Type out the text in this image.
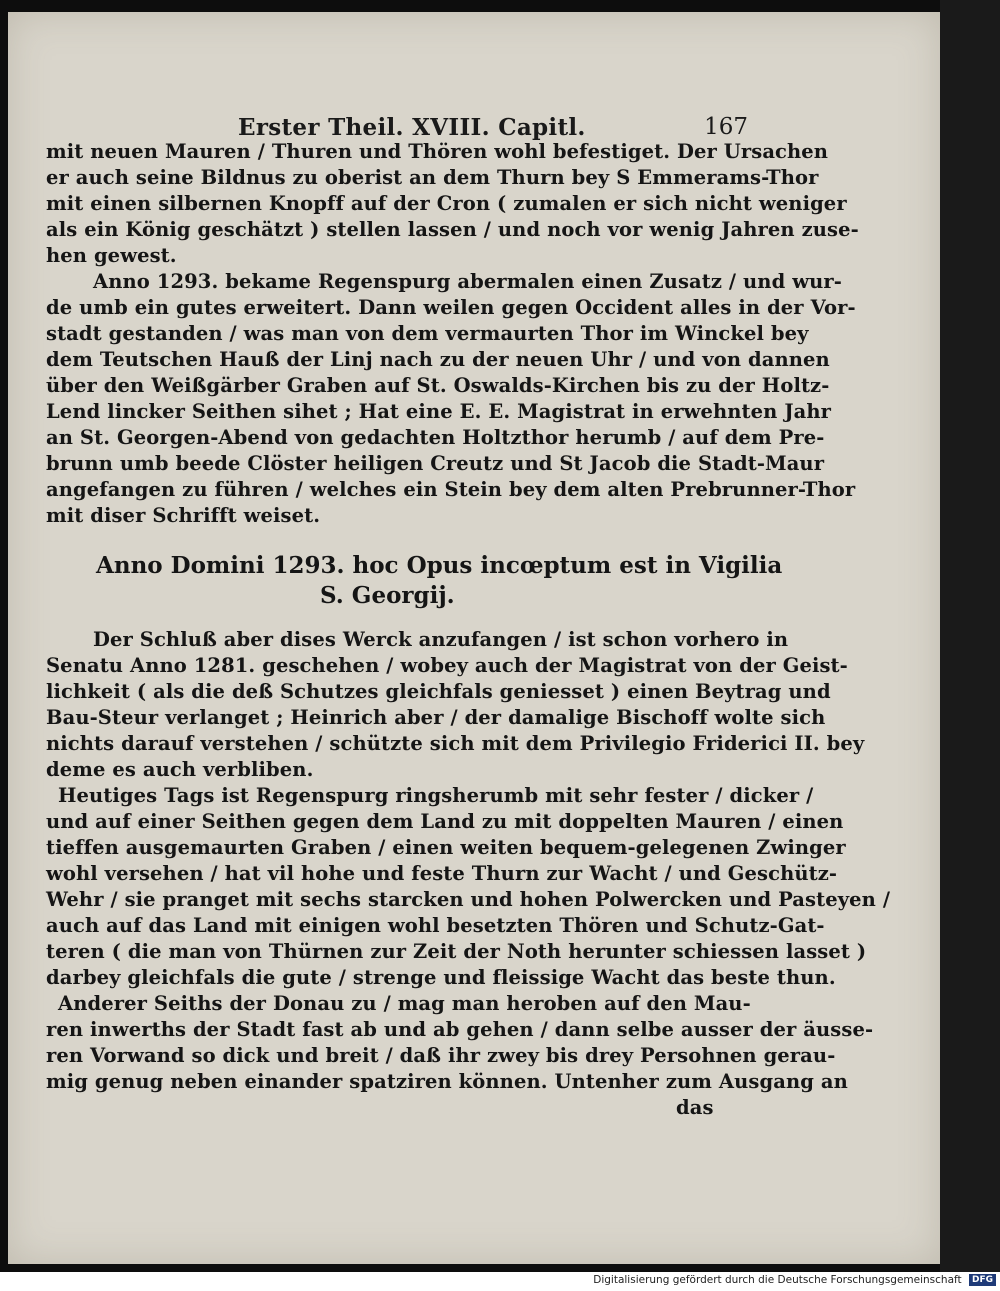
Erster Theil. XVIII. Capitl.	167
mit neuen Mauren / Thuren und Thören wohl befestiget. Der Ursachen
er auch seine Bildnus zu oberist an dem Thurn bey S Emmerams-Thor
mit einen silbernen Knopff auf der Cron ( zumalen er sich nicht weniger
als ein König geschätzt ) stellen lassen / und noch vor wenig Jahren zuse-
hen gewest.
Anno 1293. bekame Regenspurg abermalen einen Zusatz / und wur-
de umb ein gutes erweitert. Dann weilen gegen Occident alles in der Vor-
stadt gestanden / was man von dem vermaurten Thor im Winckel bey
dem Teutschen Hauß der Linj nach zu der neuen Uhr / und von dannen
über den Weißgärber Graben auf St. Oswalds-Kirchen bis zu der Holtz-
Lend lincker Seithen sihet ; Hat eine E. E. Magistrat in erwehnten Jahr
an St. Georgen-Abend von gedachten Holtzthor herumb / auf dem Pre-
brunn umb beede Clöster heiligen Creutz und St Jacob die Stadt-Maur
angefangen zu führen / welches ein Stein bey dem alten Prebrunner-Thor
mit diser Schrifft weiset.
Anno Domini 1293. hoc Opus incœptum est in Vigilia
S. Georgij.
Der Schluß aber dises Werck anzufangen / ist schon vorhero in
Senatu Anno 1281. geschehen / wobey auch der Magistrat von der Geist-
lichkeit ( als die deß Schutzes gleichfals geniesset ) einen Beytrag und
Bau-Steur verlanget ; Heinrich aber / der damalige Bischoff wolte sich
nichts darauf verstehen / schützte sich mit dem Privilegio Friderici II. bey
deme es auch verbliben.
Heutiges Tags ist Regenspurg ringsherumb mit sehr fester / dicker /
und auf einer Seithen gegen dem Land zu mit doppelten Mauren / einen
tieffen ausgemaurten Graben / einen weiten bequem-gelegenen Zwinger
wohl versehen / hat vil hohe und feste Thurn zur Wacht / und Geschütz-
Wehr / sie pranget mit sechs starcken und hohen Polwercken und Pasteyen /
auch auf das Land mit einigen wohl besetzten Thören und Schutz-Gat-
teren ( die man von Thürnen zur Zeit der Noth herunter schiessen lasset )
darbey gleichfals die gute / strenge und fleissige Wacht das beste thun.
Anderer Seiths der Donau zu / mag man heroben auf den Mau-
ren inwerths der Stadt fast ab und ab gehen / dann selbe ausser der äusse-
ren Vorwand so dick und breit / daß ihr zwey bis drey Persohnen gerau-
mig genug neben einander spatziren können. Untenher zum Ausgang an
das
Digitalisierung gefördert durch die Deutsche Forschungsgemeinschaft DFG
